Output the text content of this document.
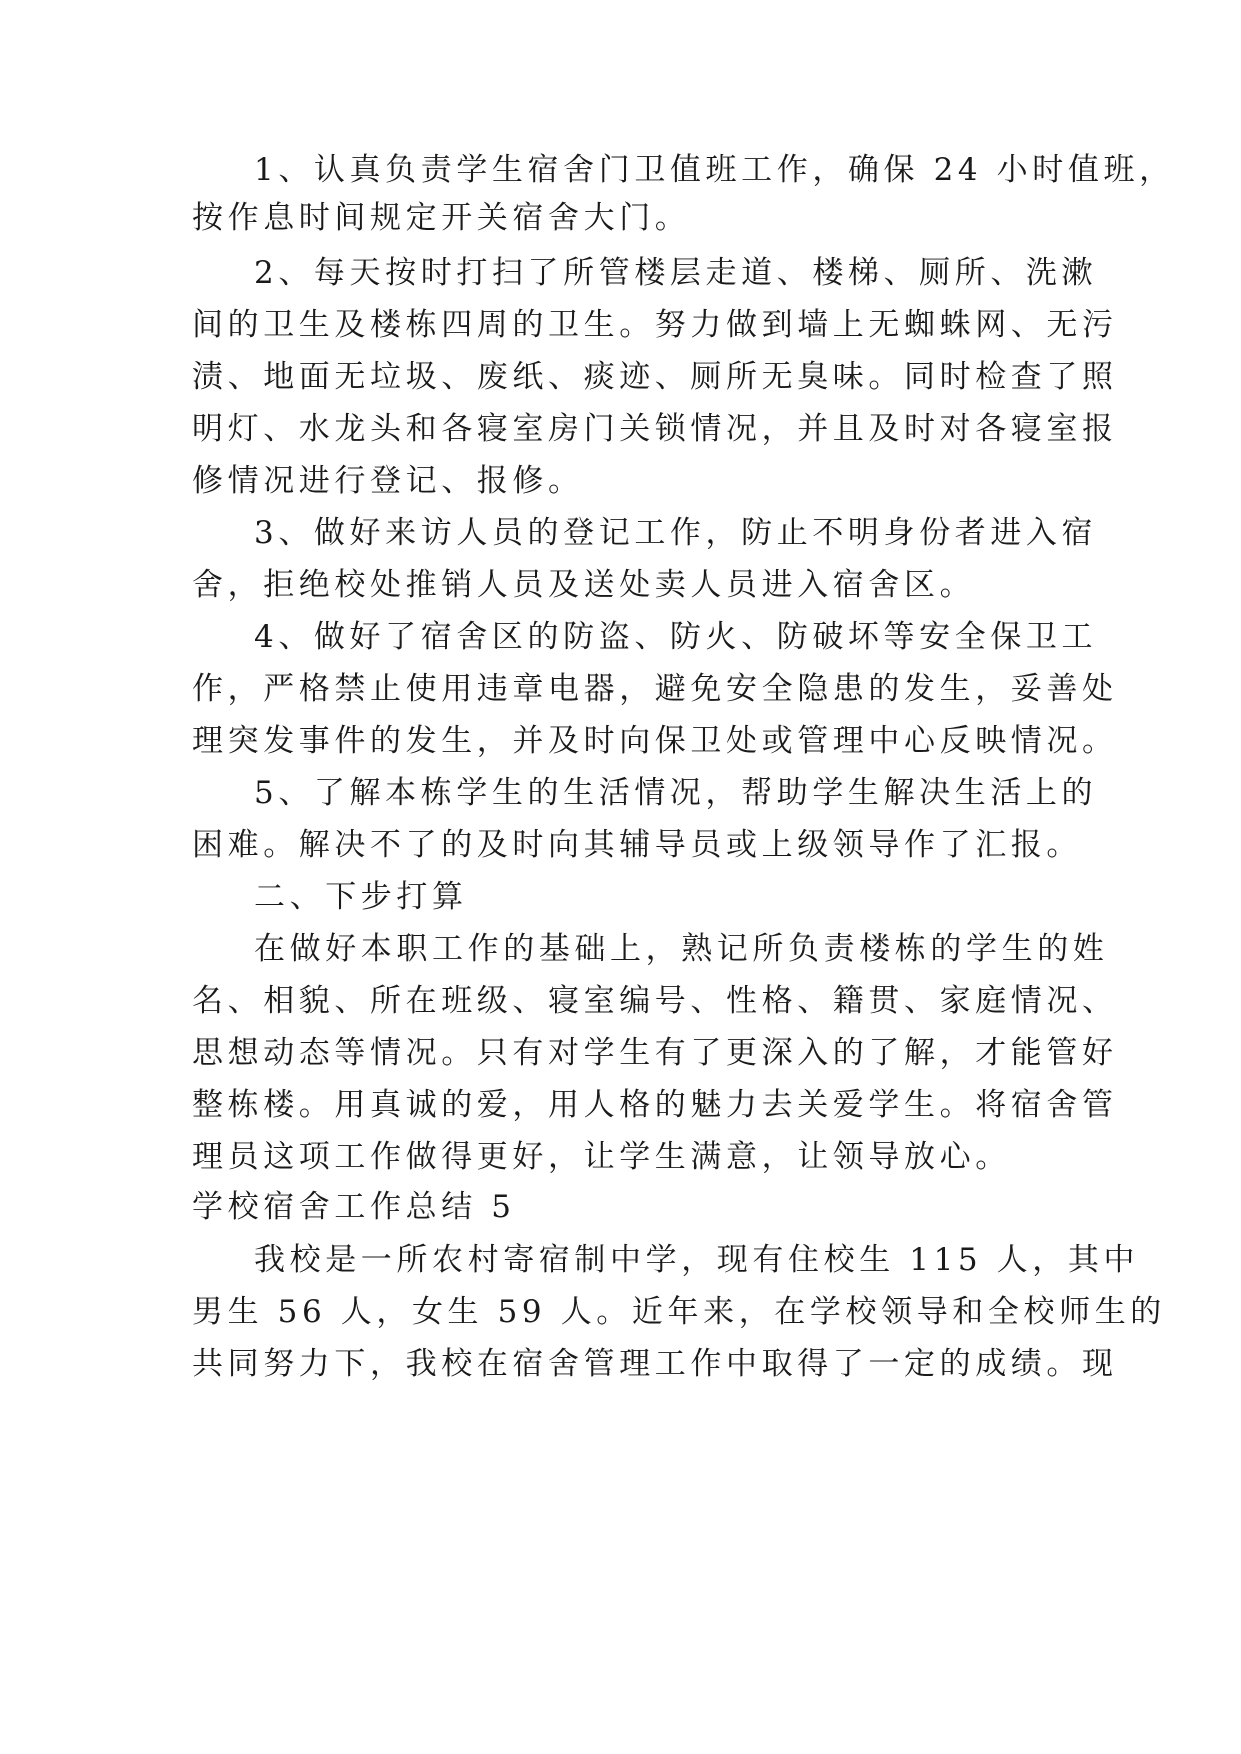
1、认真负责学生宿舍门卫值班工作，确保 24 小时值班，
按作息时间规定开关宿舍大门。
2、每天按时打扫了所管楼层走道、楼梯、厕所、洗漱
间的卫生及楼栋四周的卫生。努力做到墙上无蜘蛛网、无污
渍、地面无垃圾、废纸、痰迹、厕所无臭味。同时检查了照
明灯、水龙头和各寝室房门关锁情况，并且及时对各寝室报
修情况进行登记、报修。
3、做好来访人员的登记工作，防止不明身份者进入宿
舍，拒绝校处推销人员及送处卖人员进入宿舍区。
4、做好了宿舍区的防盗、防火、防破坏等安全保卫工
作，严格禁止使用违章电器，避免安全隐患的发生，妥善处
理突发事件的发生，并及时向保卫处或管理中心反映情况。
5、了解本栋学生的生活情况，帮助学生解决生活上的
困难。解决不了的及时向其辅导员或上级领导作了汇报。
二、下步打算
在做好本职工作的基础上，熟记所负责楼栋的学生的姓
名、相貌、所在班级、寝室编号、性格、籍贯、家庭情况、
思想动态等情况。只有对学生有了更深入的了解，才能管好
整栋楼。用真诚的爱，用人格的魅力去关爱学生。将宿舍管
理员这项工作做得更好，让学生满意，让领导放心。
学校宿舍工作总结 5
我校是一所农村寄宿制中学，现有住校生 115 人，其中
男生 56 人，女生 59 人。近年来，在学校领导和全校师生的
共同努力下，我校在宿舍管理工作中取得了一定的成绩。现
